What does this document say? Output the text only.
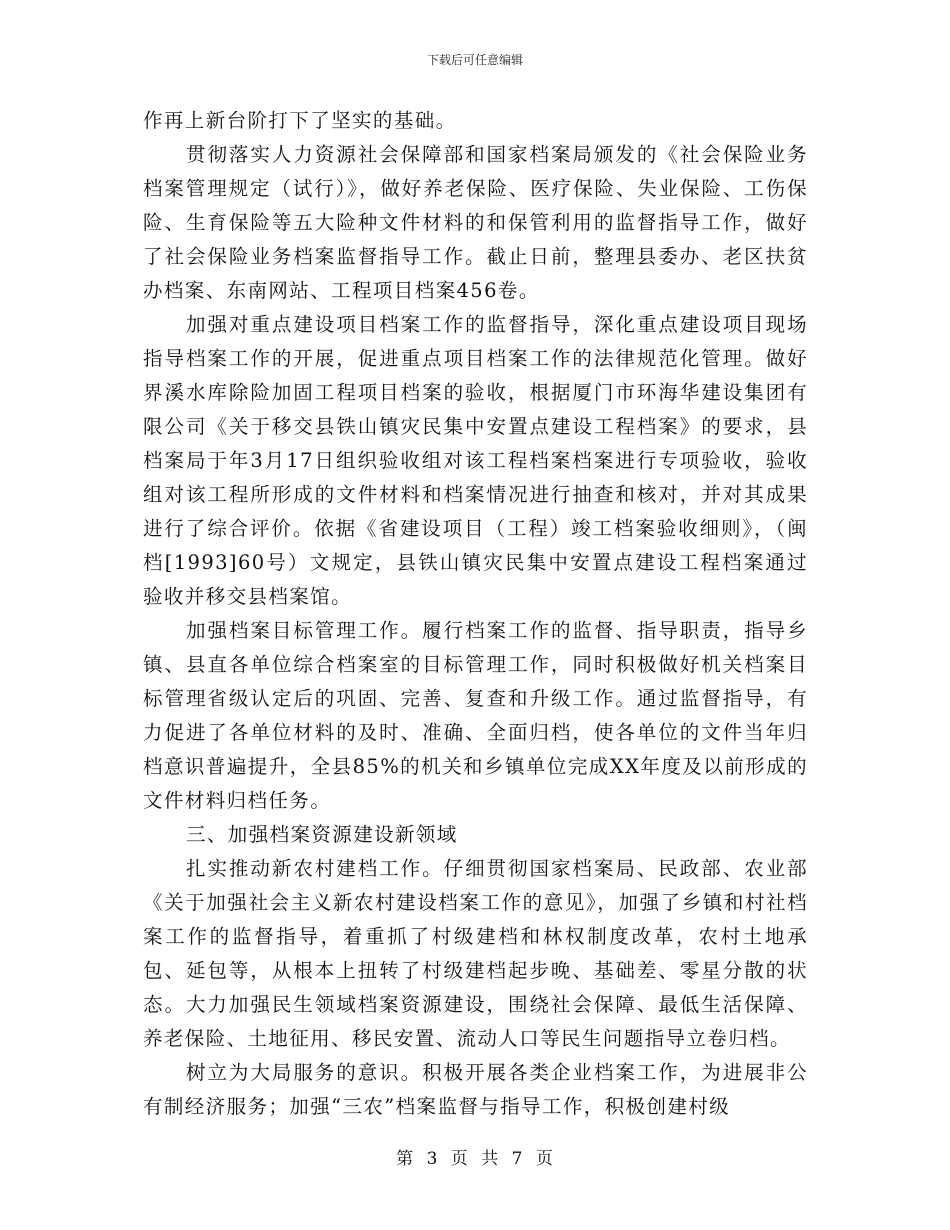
下载后可任意编辑

作再上新台阶打下了坚实的基础。

贯彻落实人力资源社会保障部和国家档案局颁发的《社会保险业务档案管理规定（试行）》，做好养老保险、医疗保险、失业保险、工伤保险、生育保险等五大险种文件材料的和保管利用的监督指导工作，做好了社会保险业务档案监督指导工作。截止日前，整理县委办、老区扶贫办档案、东南网站、工程项目档案456卷。

加强对重点建设项目档案工作的监督指导，深化重点建设项目现场指导档案工作的开展，促进重点项目档案工作的法律规范化管理。做好界溪水库除险加固工程项目档案的验收，根据厦门市环海华建设集团有限公司《关于移交县铁山镇灾民集中安置点建设工程档案》的要求，县档案局于年3月17日组织验收组对该工程档案档案进行专项验收，验收组对该工程所形成的文件材料和档案情况进行抽查和核对，并对其成果进行了综合评价。依据《省建设项目（工程）竣工档案验收细则》，（闽档[1993]60号）文规定，县铁山镇灾民集中安置点建设工程档案通过验收并移交县档案馆。

加强档案目标管理工作。履行档案工作的监督、指导职责，指导乡镇、县直各单位综合档案室的目标管理工作，同时积极做好机关档案目标管理省级认定后的巩固、完善、复查和升级工作。通过监督指导，有力促进了各单位材料的及时、准确、全面归档，使各单位的文件当年归档意识普遍提升，全县85%的机关和乡镇单位完成XX年度及以前形成的文件材料归档任务。

三、加强档案资源建设新领域

扎实推动新农村建档工作。仔细贯彻国家档案局、民政部、农业部《关于加强社会主义新农村建设档案工作的意见》，加强了乡镇和村社档案工作的监督指导，着重抓了村级建档和林权制度改革，农村土地承包、延包等，从根本上扭转了村级建档起步晚、基础差、零星分散的状态。大力加强民生领域档案资源建设，围绕社会保障、最低生活保障、养老保险、土地征用、移民安置、流动人口等民生问题指导立卷归档。

树立为大局服务的意识。积极开展各类企业档案工作，为进展非公有制经济服务；加强“三农”档案监督与指导工作，积极创建村级

第 3 页 共 7 页
